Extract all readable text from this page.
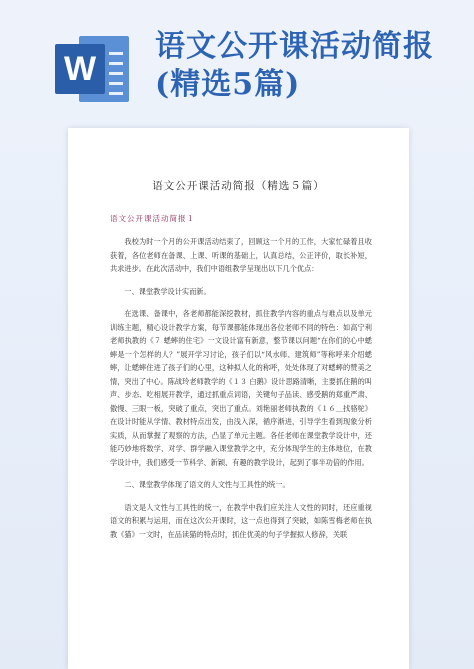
W
语文公开课活动简报(精选5篇)
语文公开课活动简报（精选５篇）
语文公开课活动简报１

我校为时一个月的公开课活动结束了，回顾这一个月的工作，大家忙碌着且收获着，各位老师在备课、上课、听课的基础上，认真总结，公正评价，取长补短，共求进步。在此次活动中，我们中语组教学呈现出以下几个优点：

一、课堂教学设计实而新。

在选课、备课中，各老师都能深挖教材，抓住教学内容的重点与难点以及单元训练主题，精心设计教学方案，每节课都能体现出各位老师不同的特色：如高宁利老师执教的《７ 蟋蟀的住宅》一文设计富有新意，整节课以问题“在你们的心中蟋蟀是一个怎样的人？”展开学习讨论，孩子们以“风水师、建筑师”等称呼来介绍蟋蟀，让蟋蟀住进了孩子们的心里，这种拟人化的称呼，处处体现了对蟋蟀的赞美之情，突出了中心。陈战玲老师教学的《１３ 白鹅》设计思路清晰，主要抓住鹅的叫声、步态、吃相展开教学，通过抓重点词语，关键句子品读、感受鹅的郑重严肃、傲慢、三眼一板，突破了重点，突出了重点。刘艳丽老师执教的《１６＿找骆驼》在设计时能从学情、教材特点出发，由浅入深，循序渐进，引导学生看到现象分析实质，从而掌握了观察的方法，凸显了单元主题。各任老师在课堂教学设计中，还能巧妙地将数学、对学、群学融入课堂教学之中，充分体现学生的主体地位，在教学设计中，我们感受一节科学、新颖、有趣的教学设计，起到了事半功倍的作用。

二、课堂教学体现了语文的人文性与工具性的统一。

语文是人文性与工具性的统一，在教学中我们应关注人文性的同时，还应重视语文的积累与运用，而在这次公开课时，这一点也得到了突破，如陈雪梅老师在执教《猫》一文时，在品读猫的特点时，抓住优美的句子学握拟人修辞，关联
